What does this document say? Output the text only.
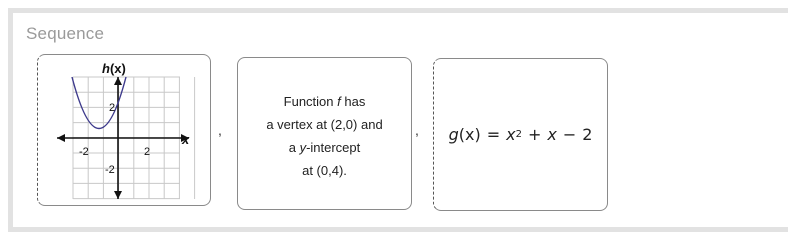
Sequence
-2	2
2
-2
x
h(x)
,
Function f has
a vertex at (2,0) and
a y-intercept
at (0,4).
, g (x) = x 2 + x − 2
